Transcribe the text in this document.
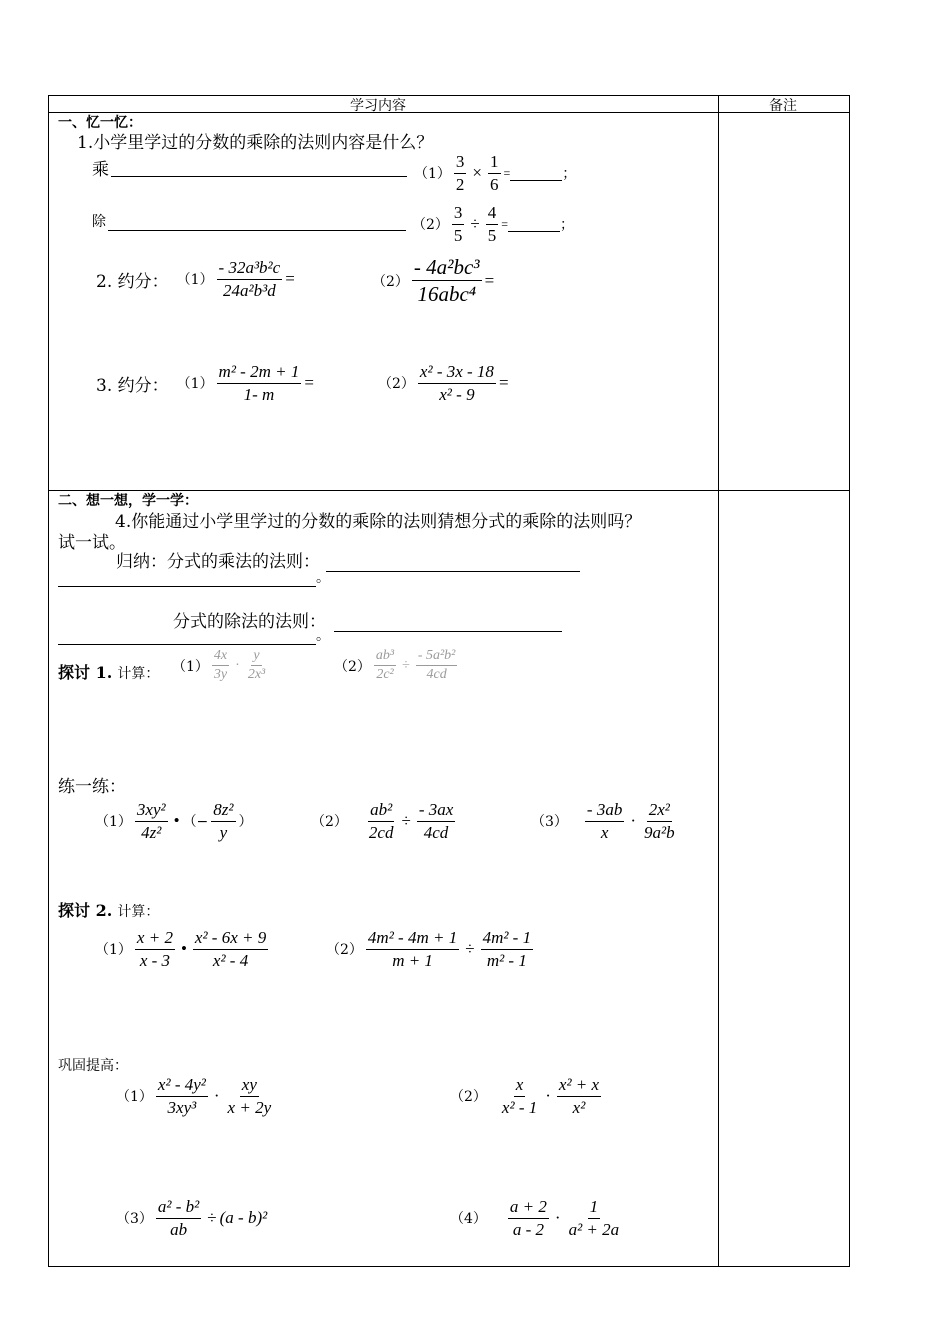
学习内容	备注
一、忆一忆：
1.小学里学过的分数的乘除的法则内容是什么？
乘	$(1) \frac{3}{2} \times \frac{1}{6}$ =	；
除	$(2) \frac{3}{5} \div \frac{4}{5}$ =	；
2. 约分： $(1) \frac{\text{- 32a³b²c}}{\text{24a²b³d}}$ =	$(2) \frac{\text{- 4a²bc³}}{\text{16abc⁴}}$ =
3. 约分： $(1) \frac{\text{m² - 2m + 1}}{1- m}$ =	$(2) \frac{\text{x² - 3x - 18}}{\text{x² - 9}}$ =
二、想一想，学一学：
4.你能通过小学里学过的分数的乘除的法则猜想分式的乘除的法则吗？
试一试。
归纳：分式的乘法的法则：
。
分式的除法的法则：
。
探讨 1. 计算： $(1) \frac{4x}{3y} \cdot \frac{y}{\text{2x³}}$	$(2) \frac{\text{ab³}}{\text{2c²}} \div \frac{\text{- 5a²b²}}{4cd}$
练一练：
$(1) \frac{\text{3xy²}}{\text{4z²}}$ • （− $\frac{\text{8z²}}{y}$ ）	$(2) \frac{\text{ab²}}{2cd} \div \frac{- 3ax}{4cd}$	$(3) \frac{- 3ab}{x} \cdot \frac{\text{2x²}}{\text{9a²b}}$
探讨 2. 计算：
$(1) \frac{x + 2}{x - 3}$ • $\frac{\text{x² - 6x + 9}}{\text{x² - 4}}$	$(2) \frac{\text{4m² - 4m + 1}}{m + 1} \div \frac{\text{4m² - 1}}{\text{m² - 1}}$
巩固提高：
$(1) \frac{\text{x² - 4y²}}{\text{3xy³}} \cdot \frac{xy}{x + 2y}$	$(2) \frac{x}{\text{x² - 1}} \cdot \frac{\text{x² + x}}{\text{x²}}$
$(3) \frac{\text{a² - b²}}{ab} \div (a - b)^2$	$(4) \frac{a + 2}{a - 2} \cdot \frac{1}{\text{a² + 2a}}$
